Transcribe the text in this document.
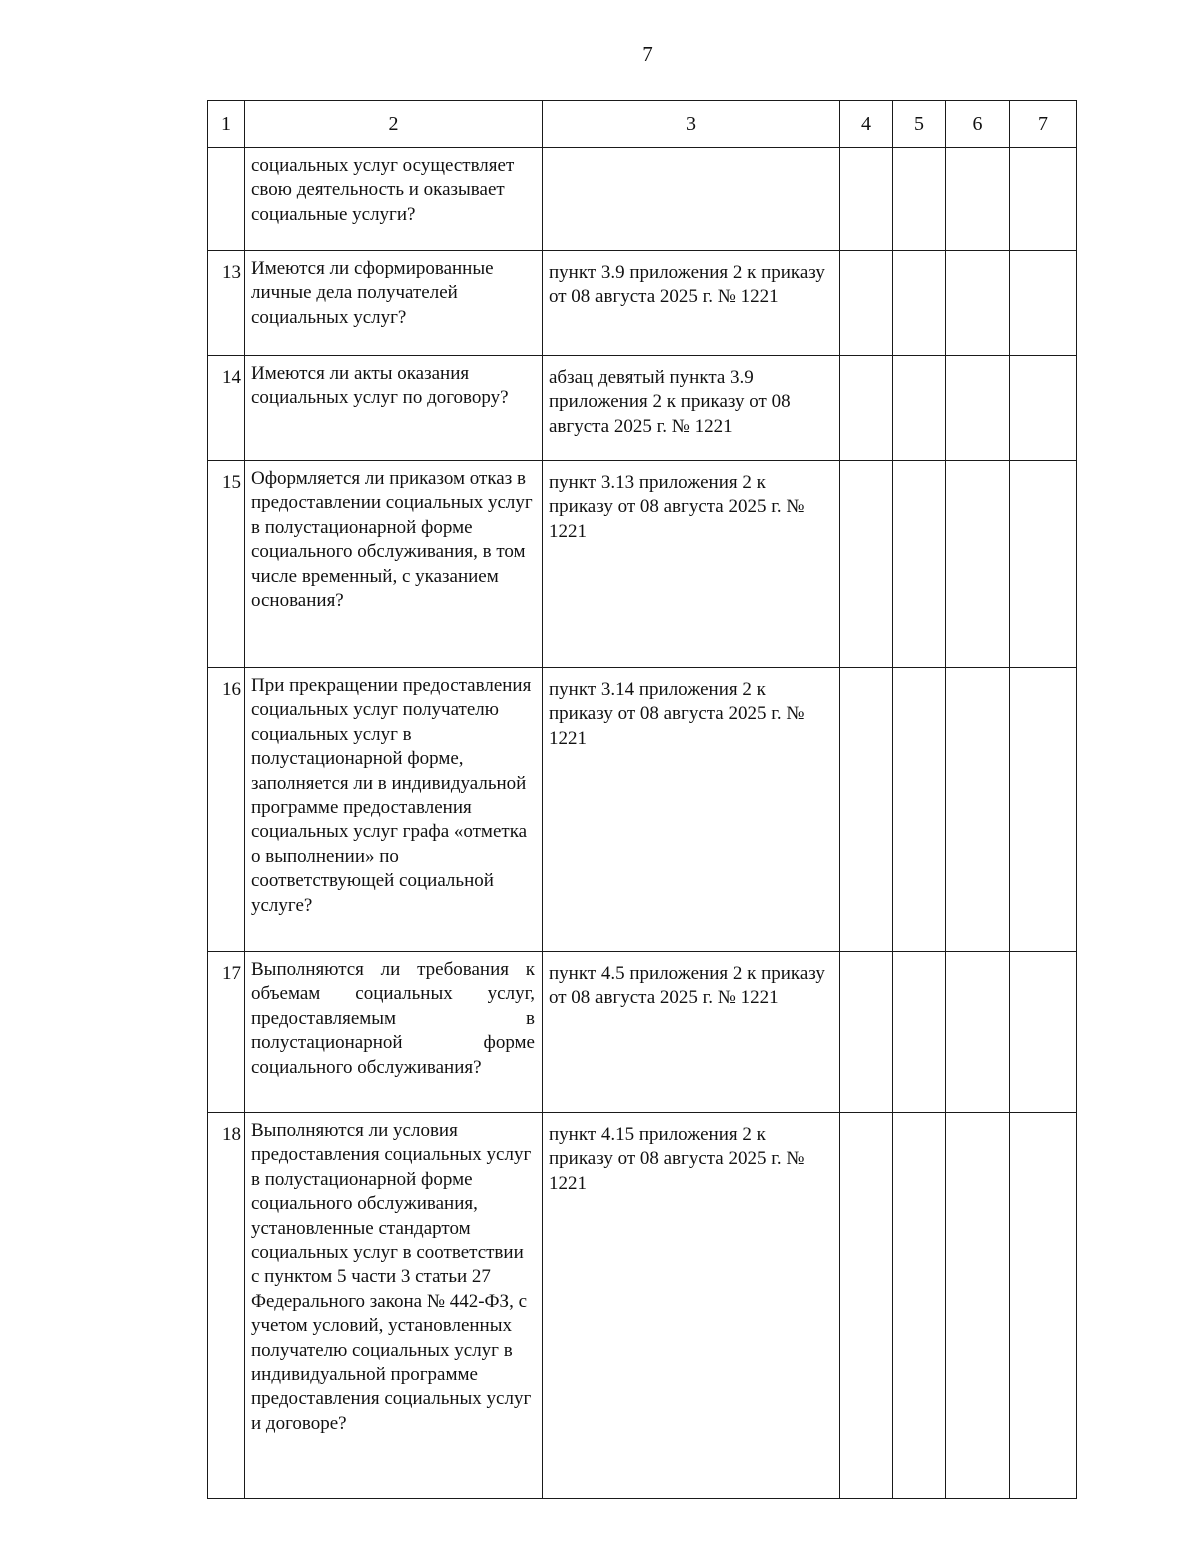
7
1	2	3	4	5	6	7
	социальных услуг осуществляет свою деятельность и оказывает социальные услуги?					
13	Имеются ли сформированные личные дела получателей социальных услуг?	пункт 3.9 приложения 2 к приказу от 08 августа 2025 г. № 1221				
14	Имеются ли акты оказания социальных услуг по договору?	абзац девятый пункта 3.9 приложения 2 к приказу от 08 августа 2025 г. № 1221				
15	Оформляется ли приказом отказ в предоставлении социальных услуг в полустационарной форме социального обслуживания, в том числе временный, с указанием основания?	пункт 3.13 приложения 2 к приказу от 08 августа 2025 г. № 1221				
16	При прекращении предоставления социальных услуг получателю социальных услуг в полустационарной форме, заполняется ли в индивидуальной программе предоставления социальных услуг графа «отметка о выполнении» по соответствующей социальной услуге?	пункт 3.14 приложения 2 к приказу от 08 августа 2025 г. № 1221				
17	Выполняются ли требования к объемам социальных услуг, предоставляемым в полустационарной форме социального обслуживания?	пункт 4.5 приложения 2 к приказу от 08 августа 2025 г. № 1221				
18	Выполняются ли условия предоставления социальных услуг в полустационарной форме социального обслуживания, установленные стандартом социальных услуг в соответствии с пунктом 5 части 3 статьи 27 Федерального закона № 442-ФЗ, с учетом условий, установленных получателю социальных услуг в индивидуальной программе предоставления социальных услуг и договоре?	пункт 4.15 приложения 2 к приказу от 08 августа 2025 г. № 1221				
